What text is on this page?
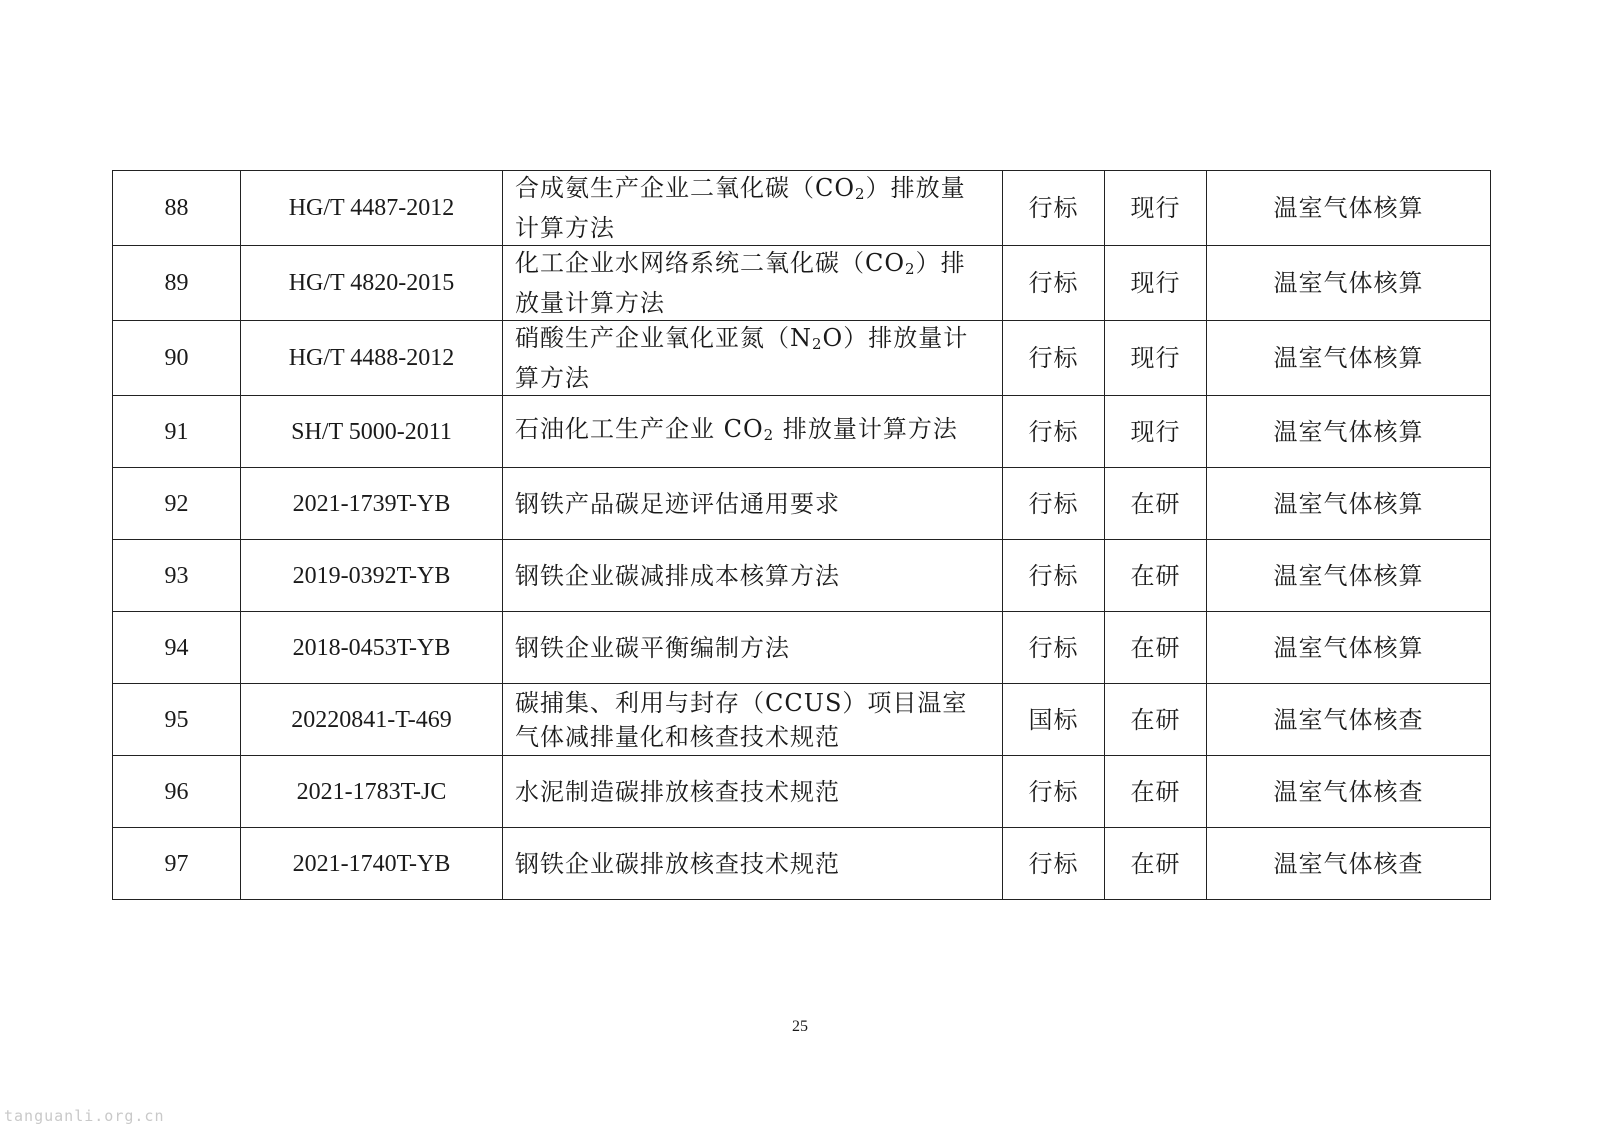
88	HG/T 4487-2012	合成氨生产企业二氧化碳$(CO_2)$排放量计算方法	行标	现行	温室气体核算
89	HG/T 4820-2015	化工企业水网络系统二氧化碳$(CO_2)$排放量计算方法	行标	现行	温室气体核算
90	HG/T 4488-2012	硝酸生产企业氧化亚氮$(N_2O)$排放量计算方法	行标	现行	温室气体核算
91	SH/T 5000-2011	石油化工生产企业 $CO_2$ 排放量计算方法	行标	现行	温室气体核算
92	2021-1739T-YB	钢铁产品碳足迹评估通用要求	行标	在研	温室气体核算
93	2019-0392T-YB	钢铁企业碳减排成本核算方法	行标	在研	温室气体核算
94	2018-0453T-YB	钢铁企业碳平衡编制方法	行标	在研	温室气体核算
95	20220841-T-469	碳捕集、利用与封存（CCUS）项目温室气体减排量化和核查技术规范	国标	在研	温室气体核查
96	2021-1783T-JC	水泥制造碳排放核查技术规范	行标	在研	温室气体核查
97	2021-1740T-YB	钢铁企业碳排放核查技术规范	行标	在研	温室气体核查
25
tanguanli.org.cn
